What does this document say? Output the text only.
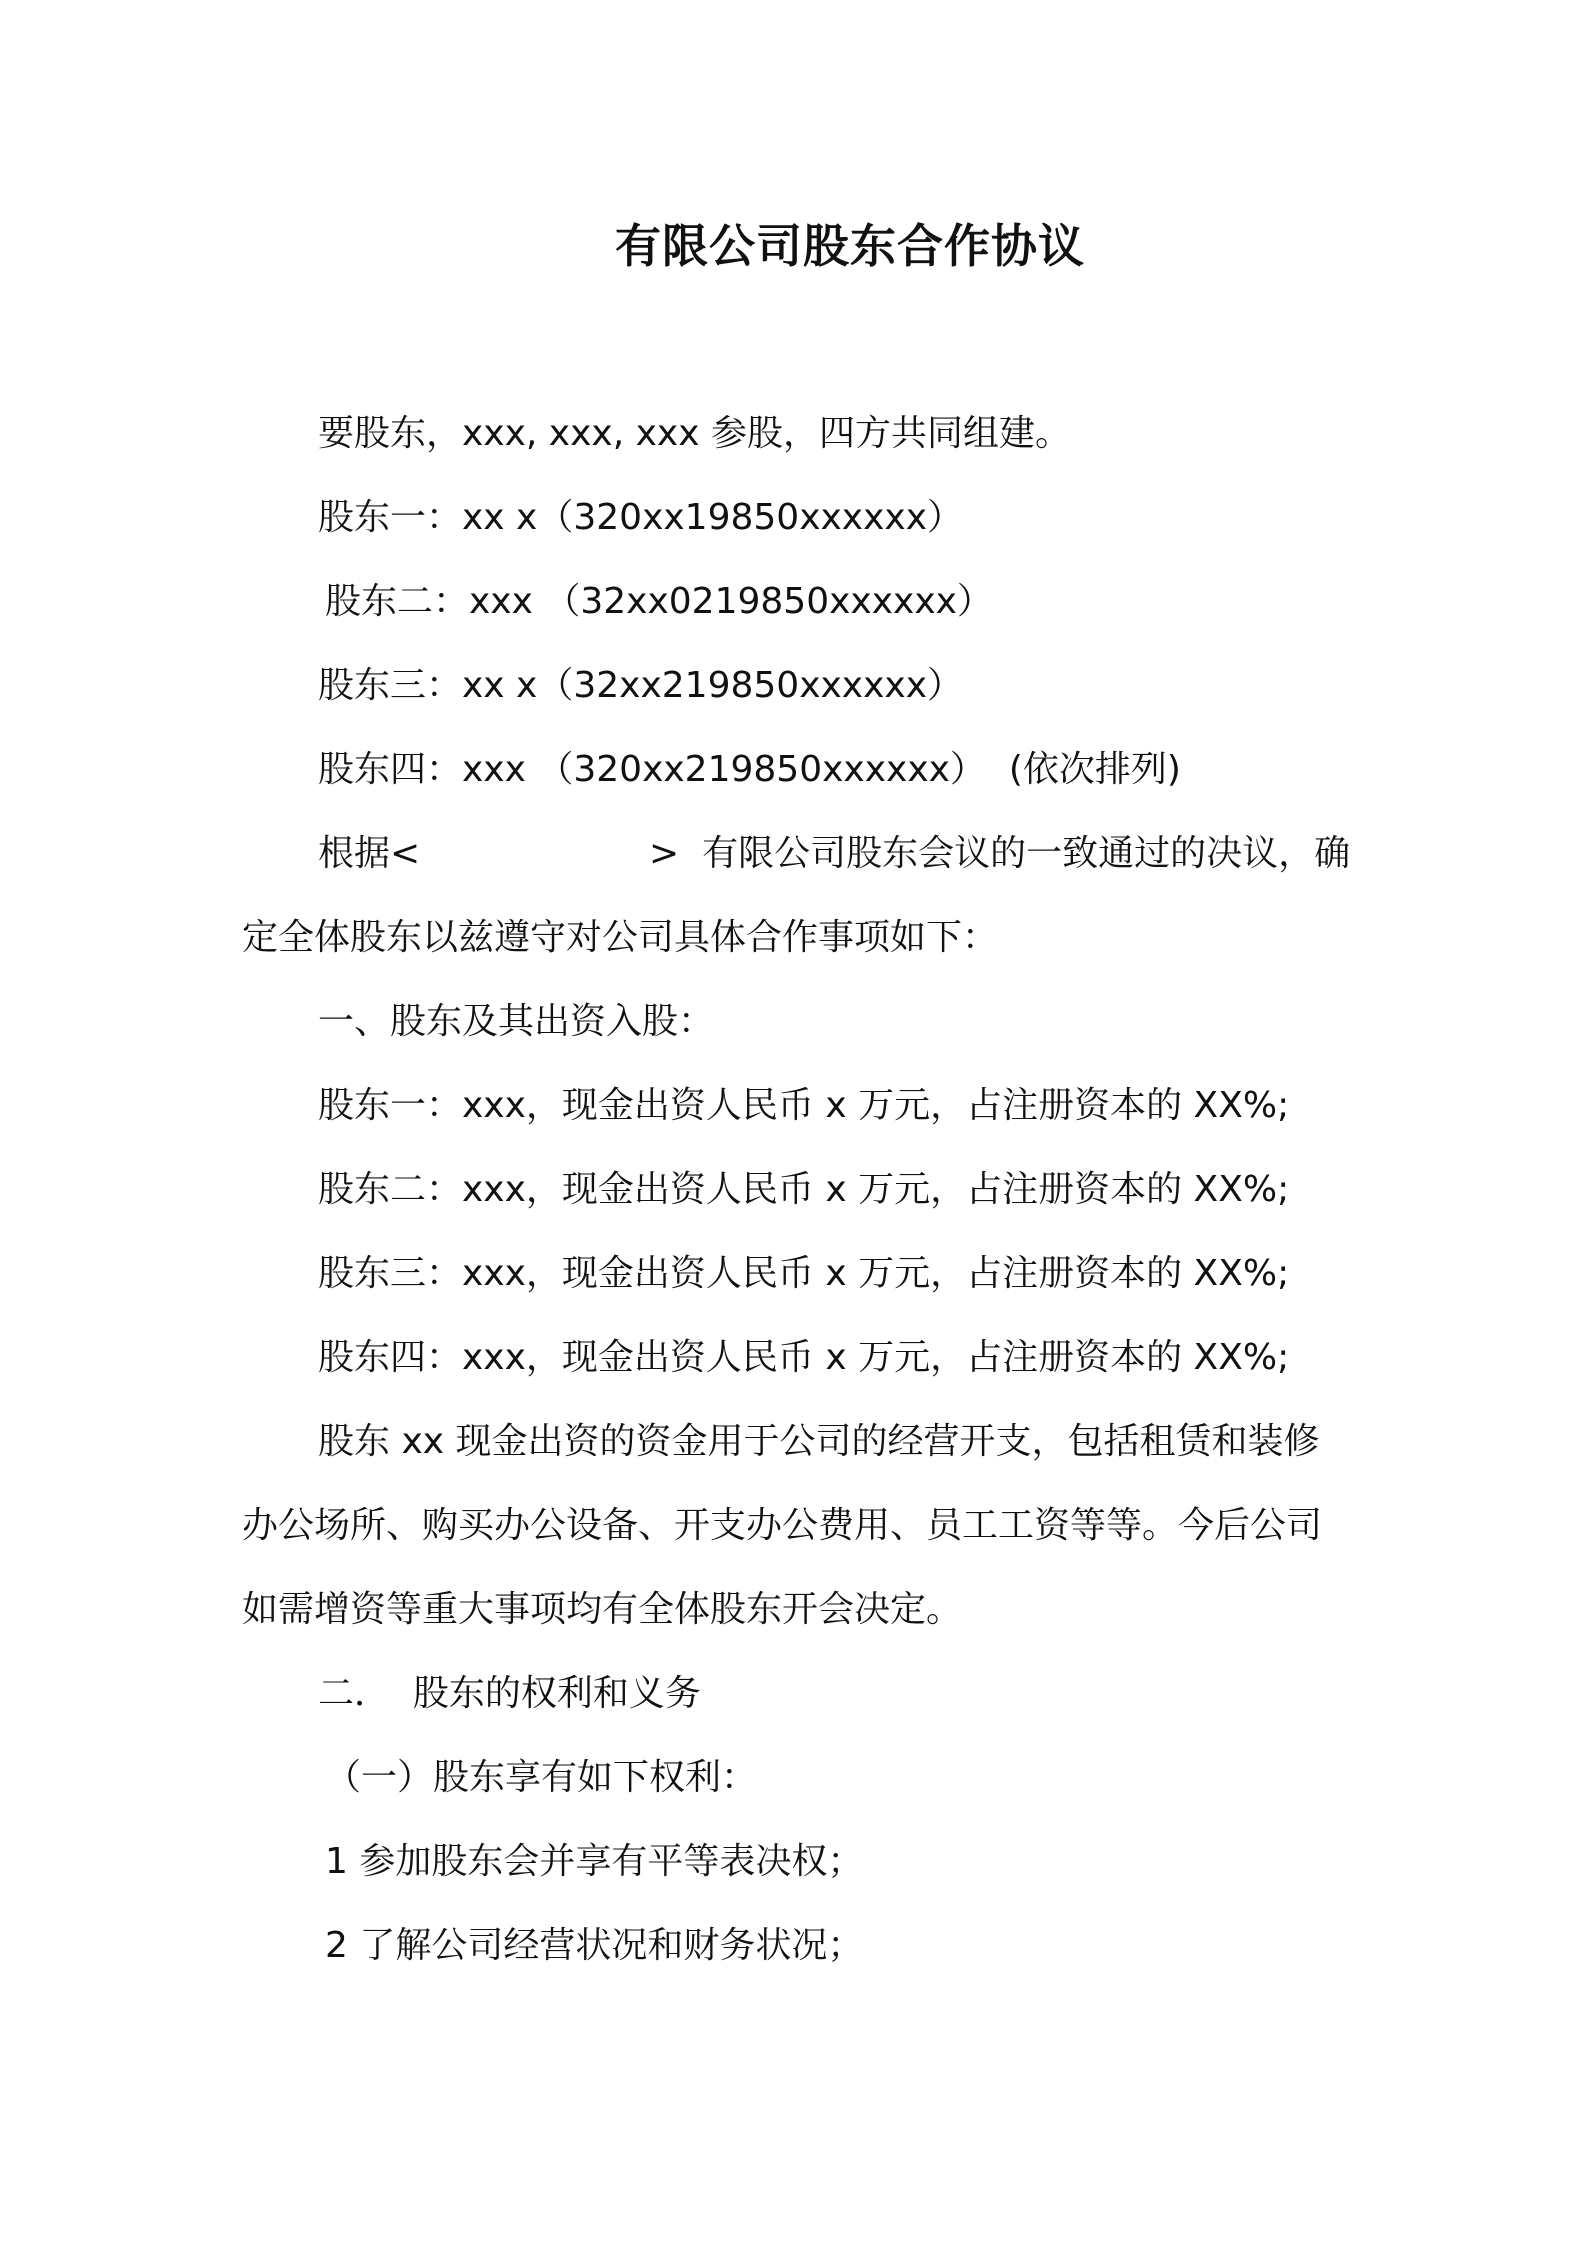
有限公司股东合作协议
要股东，xxx, xxx, xxx 参股，四方共同组建。
股东一：xx x（320xx19850xxxxxx）
股东二：xxx （32xx0219850xxxxxx）
股东三：xx x（32xx219850xxxxxx）
股东四：xxx （320xx219850xxxxxx）  (依次排列)
根据<                    >  有限公司股东会议的一致通过的决议，确
定全体股东以兹遵守对公司具体合作事项如下：
一、股东及其出资入股：
股东一：xxx，现金出资人民币 x 万元，占注册资本的 XX%;
股东二：xxx，现金出资人民币 x 万元，占注册资本的 XX%;
股东三：xxx，现金出资人民币 x 万元，占注册资本的 XX%;
股东四：xxx，现金出资人民币 x 万元，占注册资本的 XX%;
股东 xx 现金出资的资金用于公司的经营开支，包括租赁和装修
办公场所、购买办公设备、开支办公费用、员工工资等等。今后公司
如需增资等重大事项均有全体股东开会决定。
二．  股东的权利和义务
（一）股东享有如下权利：
1 参加股东会并享有平等表决权；
2 了解公司经营状况和财务状况；
